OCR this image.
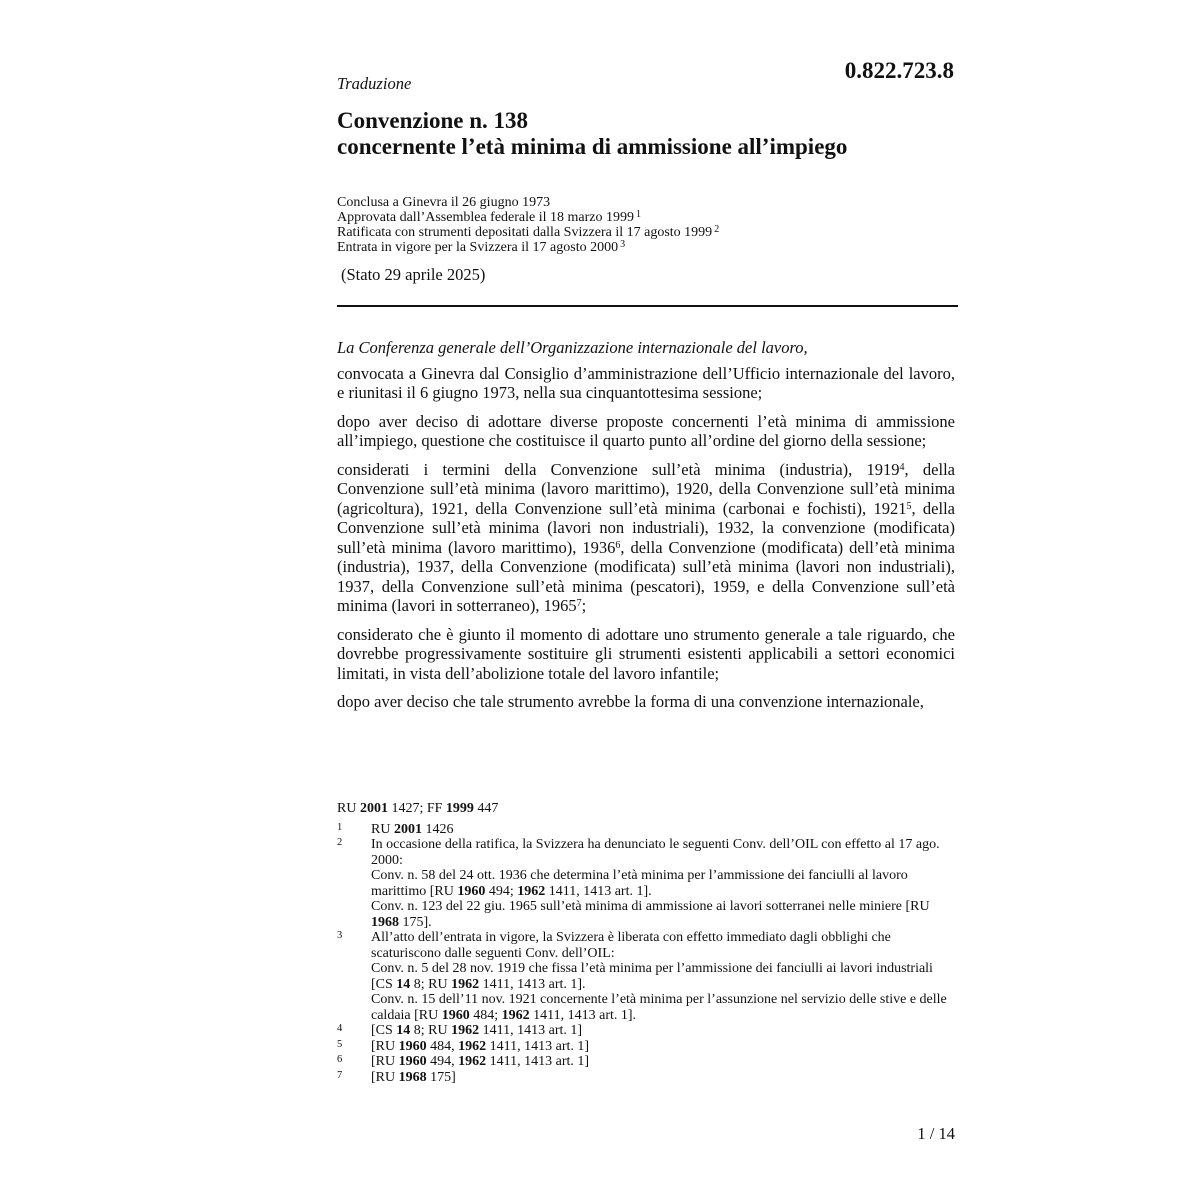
0.822.723.8
Traduzione
Convenzione n. 138
concernente l’età minima di ammissione all’impiego
Conclusa a Ginevra il 26 giugno 1973
Approvata dall’Assemblea federale il 18 marzo 1999 $^1$
Ratificata con strumenti depositati dalla Svizzera il 17 agosto 1999 $^2$
Entrata in vigore per la Svizzera il 17 agosto 2000 $^3$
(Stato 29 aprile 2025)

La Conferenza generale dell’Organizzazione internazionale del lavoro,

convocata a Ginevra dal Consiglio d’amministrazione dell’Ufficio internazionale del lavoro, e riunitasi il 6 giugno 1973, nella sua cinquantottesima sessione;

dopo aver deciso di adottare diverse proposte concernenti l’età minima di ammissione all’impiego, questione che costituisce il quarto punto all’ordine del giorno della sessione;

considerati i termini della Convenzione sull’età minima (industria), 1919$^4$, della Convenzione sull’età minima (lavoro marittimo), 1920, della Convenzione sull’età minima (agricoltura), 1921, della Convenzione sull’età minima (carbonai e fochisti), 1921$^5$, della Convenzione sull’età minima (lavori non industriali), 1932, la convenzione (modificata) sull’età minima (lavoro marittimo), 1936$^6$, della Convenzione (modificata) dell’età minima (industria), 1937, della Convenzione (modificata) sull’età minima (lavori non industriali), 1937, della Convenzione sull’età minima (pescatori), 1959, e della Convenzione sull’età minima (lavori in sotterraneo), 1965$^7$;

considerato che è giunto il momento di adottare uno strumento generale a tale riguardo, che dovrebbe progressivamente sostituire gli strumenti esistenti applicabili a settori economici limitati, in vista dell’abolizione totale del lavoro infantile;

dopo aver deciso che tale strumento avrebbe la forma di una convenzione internazionale,

RU 2001 1427; FF 1999 447
1	RU 2001 1426
2	In occasione della ratifica, la Svizzera ha denunciato le seguenti Conv. dell’OIL con effetto al 17 ago. 2000:
Conv. n. 58 del 24 ott. 1936 che determina l’età minima per l’ammissione dei fanciulli al lavoro marittimo [RU 1960 494; 1962 1411, 1413 art. 1].
Conv. n. 123 del 22 giu. 1965 sull’età minima di ammissione ai lavori sotterranei nelle miniere [RU 1968 175].
3	All’atto dell’entrata in vigore, la Svizzera è liberata con effetto immediato dagli obblighi che scaturiscono dalle seguenti Conv. dell’OIL:
Conv. n. 5 del 28 nov. 1919 che fissa l’età minima per l’ammissione dei fanciulli ai lavori industriali [CS 14 8; RU 1962 1411, 1413 art. 1].
Conv. n. 15 dell’11 nov. 1921 concernente l’età minima per l’assunzione nel servizio delle stive e delle caldaia [RU 1960 484; 1962 1411, 1413 art. 1].
4	[CS 14 8; RU 1962 1411, 1413 art. 1]
5	[RU 1960 484, 1962 1411, 1413 art. 1]
6	[RU 1960 494, 1962 1411, 1413 art. 1]
7	[RU 1968 175]
1 / 14
